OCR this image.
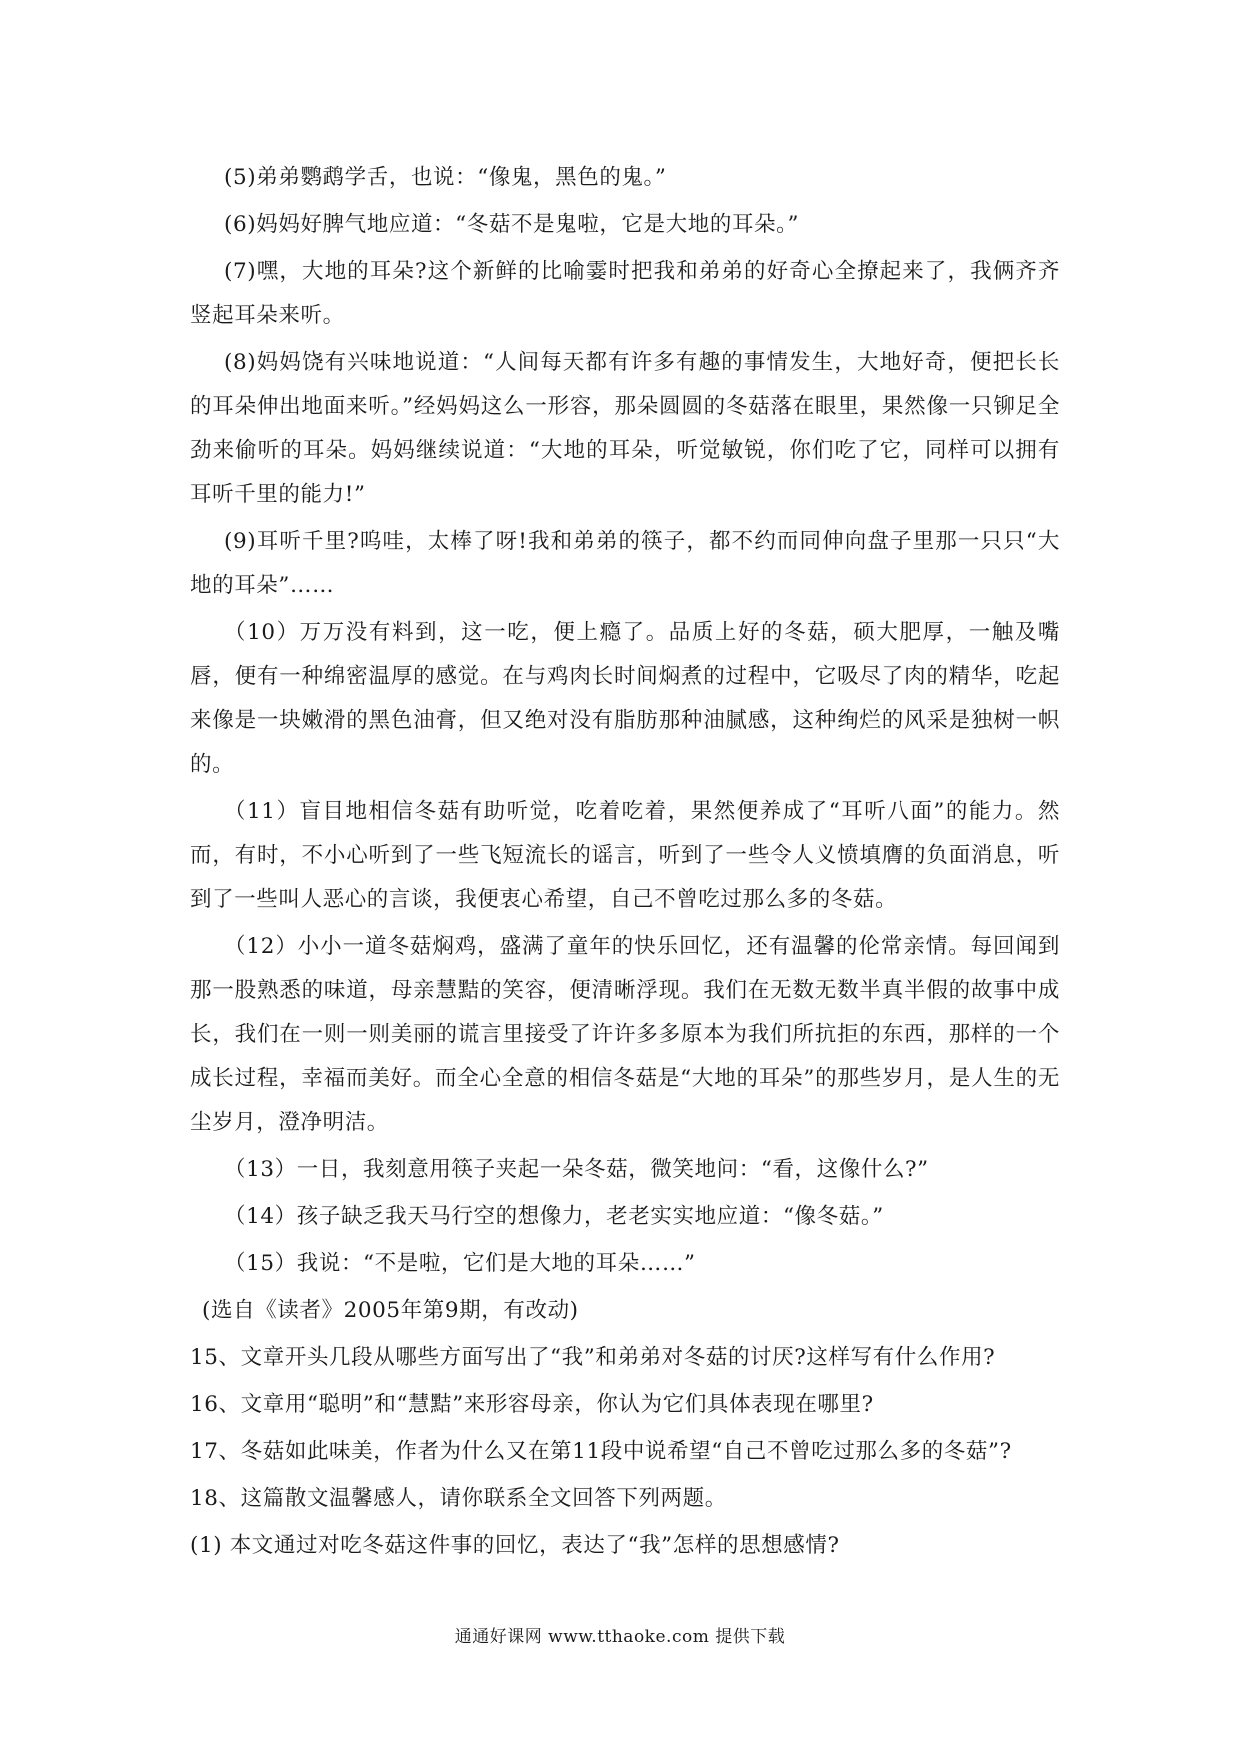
(5)弟弟鹦鹉学舌，也说：“像鬼，黑色的鬼。”

(6)妈妈好脾气地应道：“冬菇不是鬼啦，它是大地的耳朵。”

(7)嘿，大地的耳朵?这个新鲜的比喻霎时把我和弟弟的好奇心全撩起来了，我俩齐齐竖起耳朵来听。

(8)妈妈饶有兴味地说道：“人间每天都有许多有趣的事情发生，大地好奇，便把长长的耳朵伸出地面来听。”经妈妈这么一形容，那朵圆圆的冬菇落在眼里，果然像一只铆足全劲来偷听的耳朵。妈妈继续说道：“大地的耳朵，听觉敏锐，你们吃了它，同样可以拥有耳听千里的能力!”

(9)耳听千里?呜哇，太棒了呀!我和弟弟的筷子，都不约而同伸向盘子里那一只只“大地的耳朵”……

（10）万万没有料到，这一吃，便上瘾了。品质上好的冬菇，硕大肥厚，一触及嘴唇，便有一种绵密温厚的感觉。在与鸡肉长时间焖煮的过程中，它吸尽了肉的精华，吃起来像是一块嫩滑的黑色油膏，但又绝对没有脂肪那种油腻感，这种绚烂的风采是独树一帜的。

（11）盲目地相信冬菇有助听觉，吃着吃着，果然便养成了“耳听八面”的能力。然而，有时，不小心听到了一些飞短流长的谣言，听到了一些令人义愤填膺的负面消息，听到了一些叫人恶心的言谈，我便衷心希望，自己不曾吃过那么多的冬菇。

（12）小小一道冬菇焖鸡，盛满了童年的快乐回忆，还有温馨的伦常亲情。每回闻到那一股熟悉的味道，母亲慧黠的笑容，便清晰浮现。我们在无数无数半真半假的故事中成长，我们在一则一则美丽的谎言里接受了许许多多原本为我们所抗拒的东西，那样的一个成长过程，幸福而美好。而全心全意的相信冬菇是“大地的耳朵”的那些岁月，是人生的无尘岁月，澄净明洁。

（13）一日，我刻意用筷子夹起一朵冬菇，微笑地问：“看，这像什么?”

（14）孩子缺乏我天马行空的想像力，老老实实地应道：“像冬菇。”

（15）我说：“不是啦，它们是大地的耳朵……”

(选自《读者》2005年第9期，有改动)

15、文章开头几段从哪些方面写出了“我”和弟弟对冬菇的讨厌?这样写有什么作用?

16、文章用“聪明”和“慧黠”来形容母亲，你认为它们具体表现在哪里?

17、冬菇如此味美，作者为什么又在第11段中说希望“自己不曾吃过那么多的冬菇”?

18、这篇散文温馨感人，请你联系全文回答下列两题。

(1) 本文通过对吃冬菇这件事的回忆，表达了“我”怎样的思想感情?

通通好课网 www.tthaoke.com 提供下载
